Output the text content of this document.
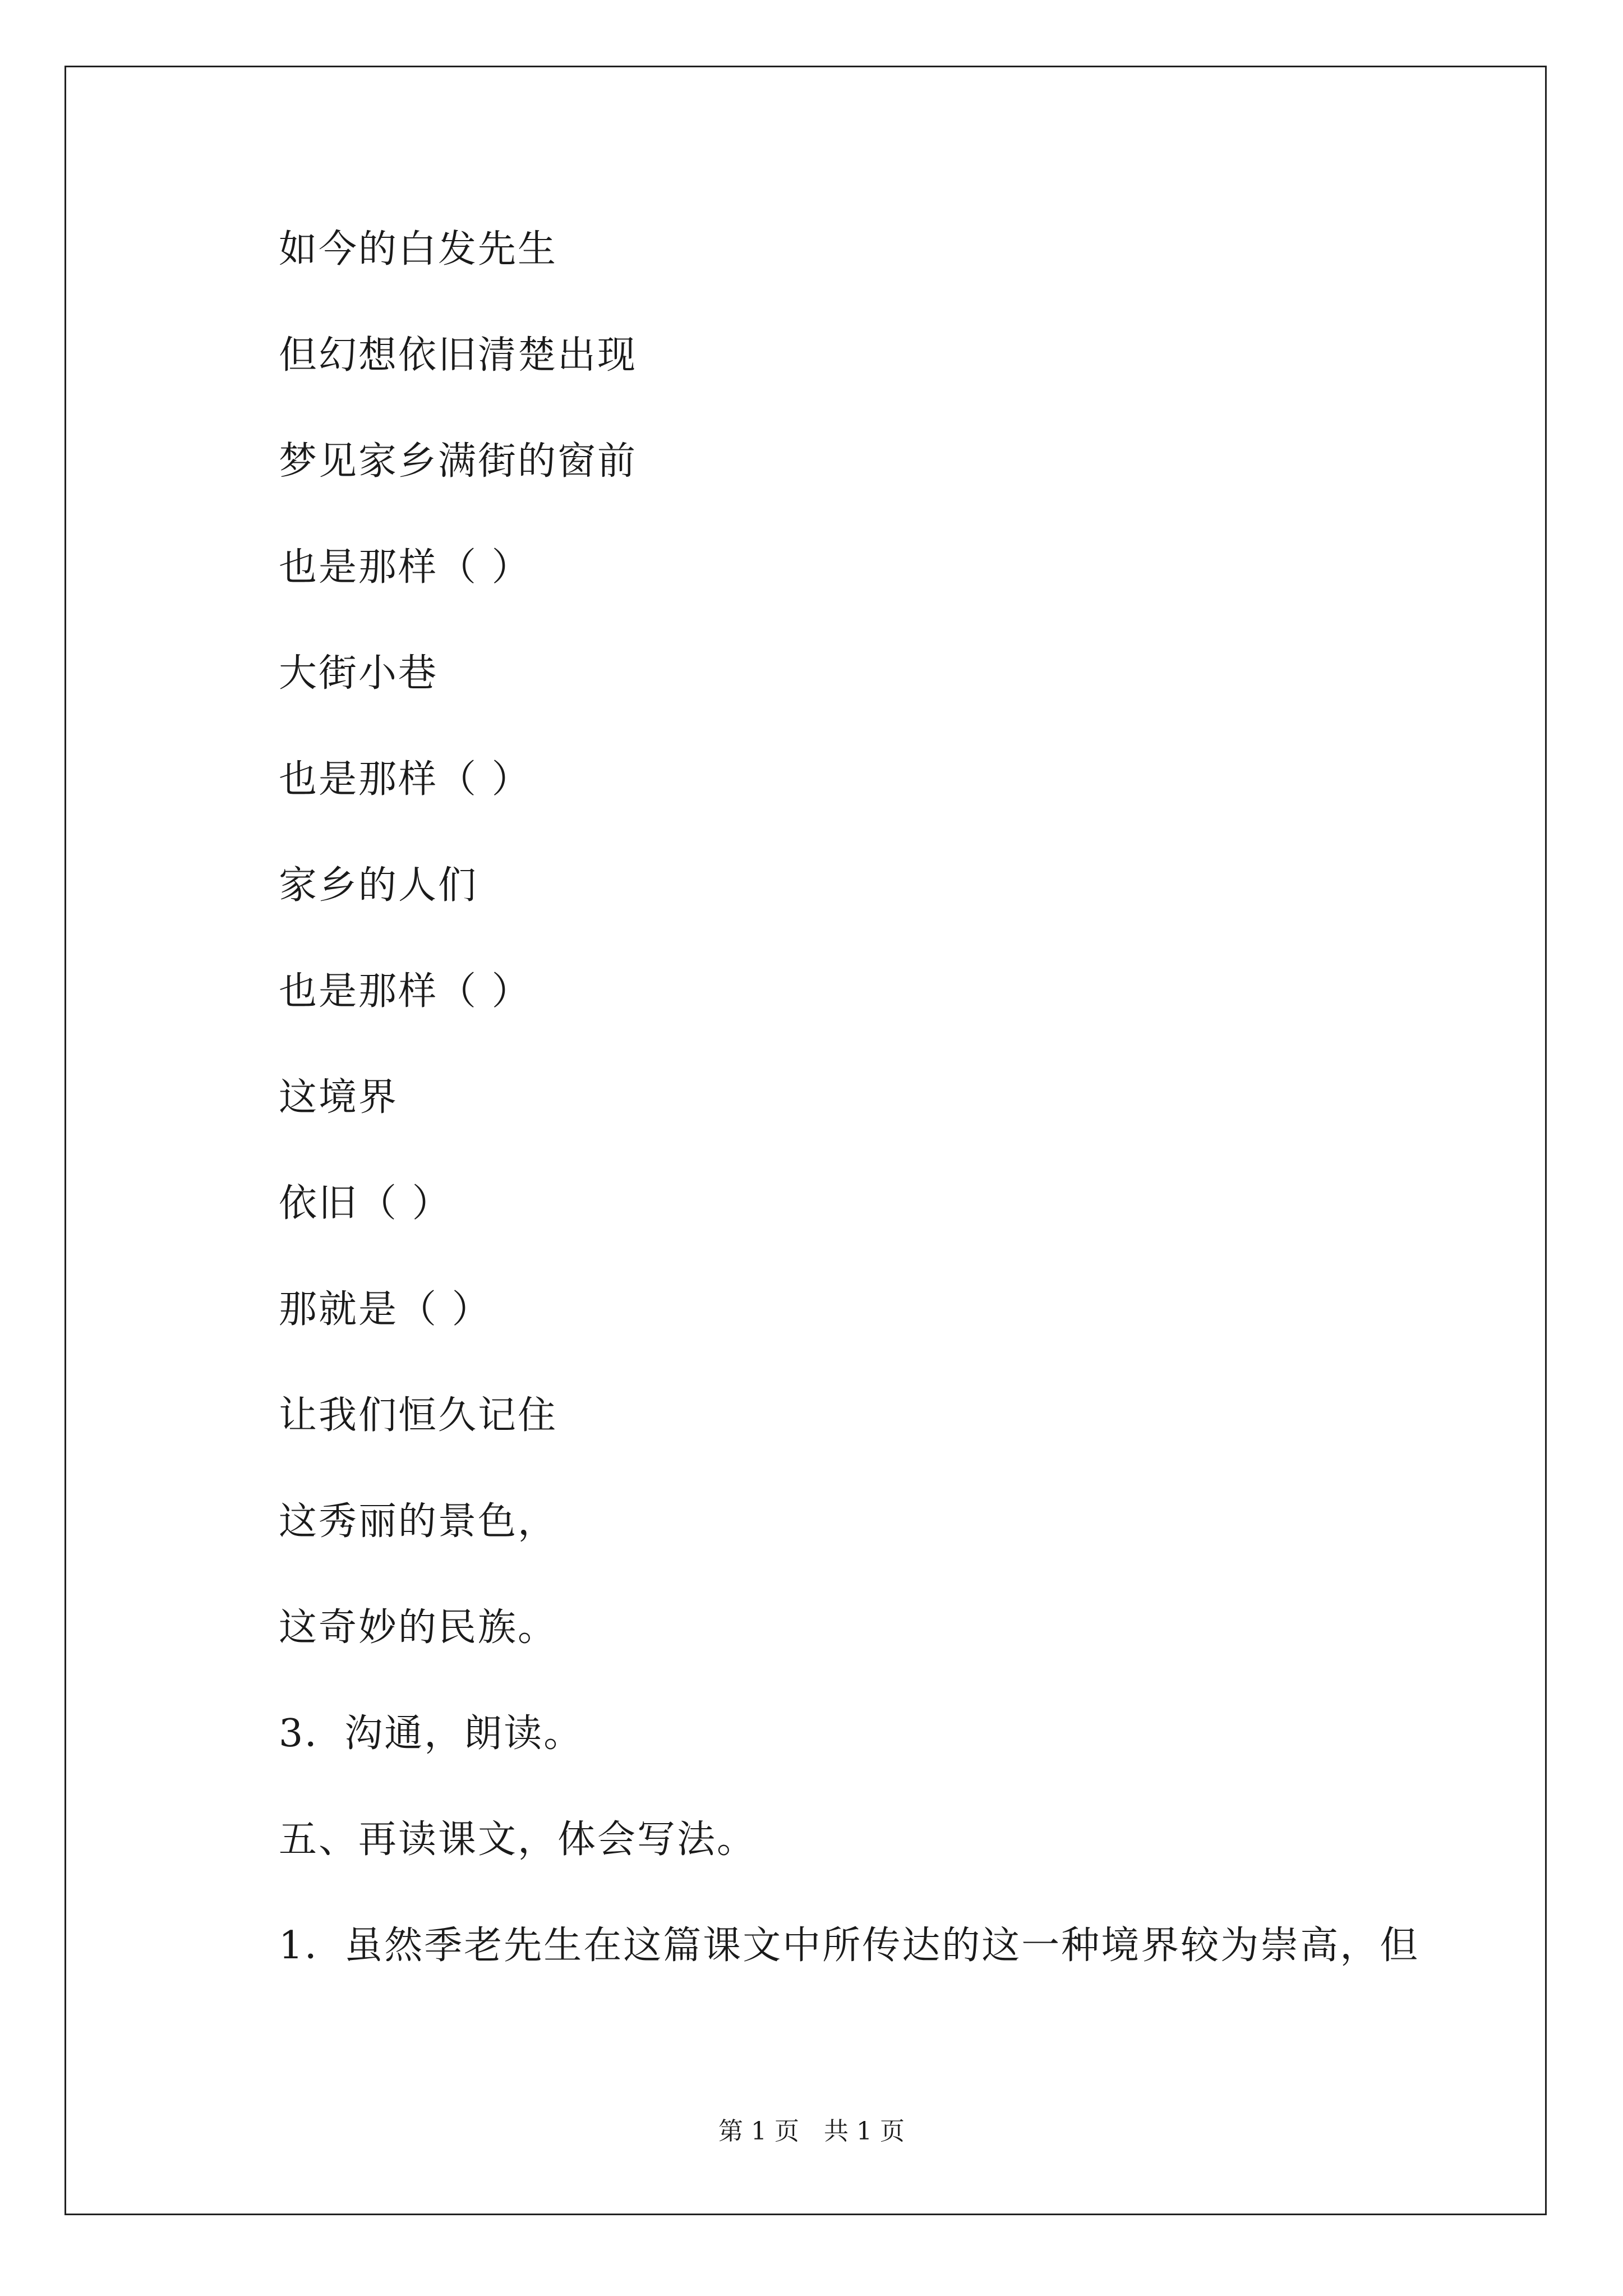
如今的白发先生
但幻想依旧清楚出现
梦见家乡满街的窗前
也是那样（ ）
大街小巷
也是那样（ ）
家乡的人们
也是那样（ ）
这境界
依旧（ ）
那就是（ ）
让我们恒久记住
这秀丽的景色，
这奇妙的民族。
3．沟通，朗读。
五、再读课文，体会写法。
1．虽然季老先生在这篇课文中所传达的这一种境界较为崇高，但
第 1 页　共 1 页
